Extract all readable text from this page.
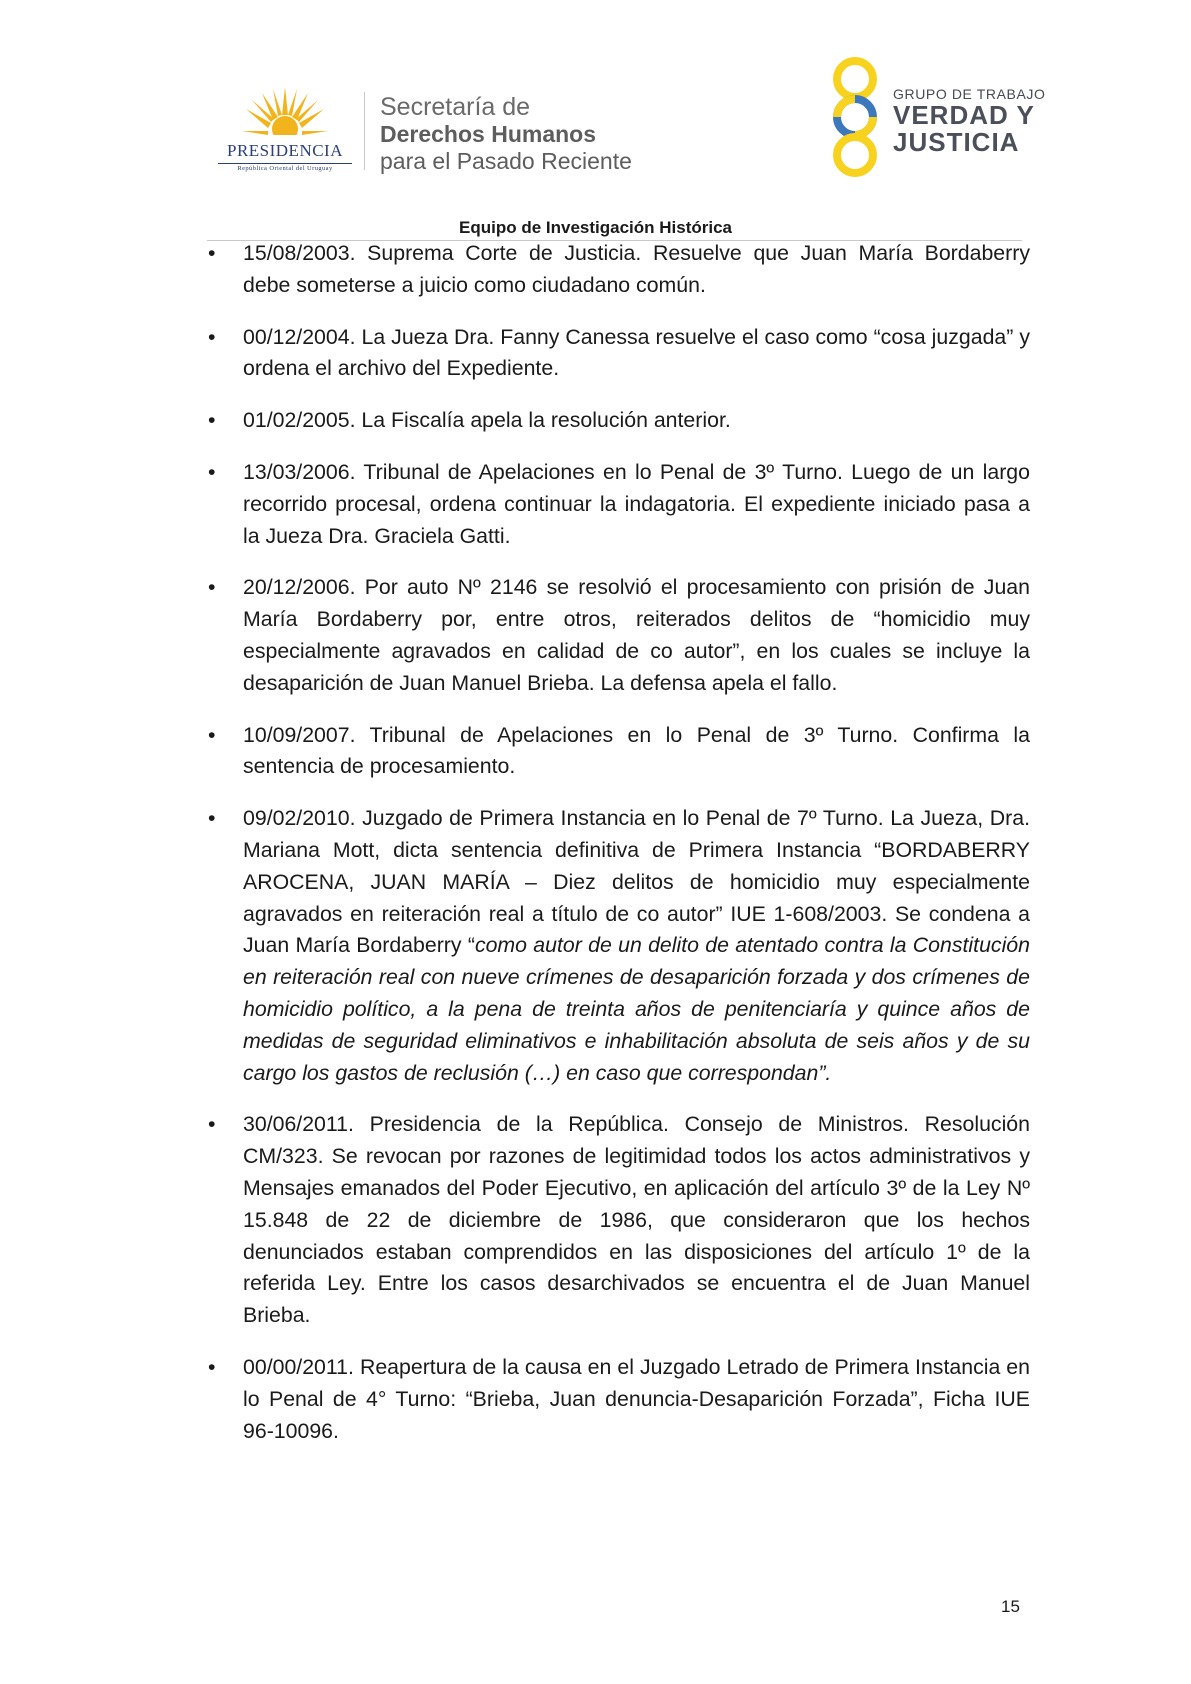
PRESIDENCIA
República Oriental del Uruguay
Secretaría de
Derechos Humanos
para el Pasado Reciente
GRUPO DE TRABAJO
VERDAD Y
JUSTICIA
Equipo de Investigación Histórica
• 15/08/2003. Suprema Corte de Justicia. Resuelve que Juan María Bordaberry debe someterse a juicio como ciudadano común.
• 00/12/2004. La Jueza Dra. Fanny Canessa resuelve el caso como “cosa juzgada” y ordena el archivo del Expediente.
• 01/02/2005. La Fiscalía apela la resolución anterior.
• 13/03/2006. Tribunal de Apelaciones en lo Penal de 3º Turno. Luego de un largo recorrido procesal, ordena continuar la indagatoria. El expediente iniciado pasa a la Jueza Dra. Graciela Gatti.
• 20/12/2006. Por auto Nº 2146 se resolvió el procesamiento con prisión de Juan María Bordaberry por, entre otros, reiterados delitos de “homicidio muy especialmente agravados en calidad de co autor”, en los cuales se incluye la desaparición de Juan Manuel Brieba. La defensa apela el fallo.
• 10/09/2007. Tribunal de Apelaciones en lo Penal de 3º Turno. Confirma la sentencia de procesamiento.
• 09/02/2010. Juzgado de Primera Instancia en lo Penal de 7º Turno. La Jueza, Dra. Mariana Mott, dicta sentencia definitiva de Primera Instancia “BORDABERRY AROCENA, JUAN MARÍA – Diez delitos de homicidio muy especialmente agravados en reiteración real a título de co autor” IUE 1-608/2003. Se condena a Juan María Bordaberry “como autor de un delito de atentado contra la Constitución en reiteración real con nueve crímenes de desaparición forzada y dos crímenes de homicidio político, a la pena de treinta años de penitenciaría y quince años de medidas de seguridad eliminativos e inhabilitación absoluta de seis años y de su cargo los gastos de reclusión (…) en caso que correspondan”.
• 30/06/2011. Presidencia de la República. Consejo de Ministros. Resolución CM/323. Se revocan por razones de legitimidad todos los actos administrativos y Mensajes emanados del Poder Ejecutivo, en aplicación del artículo 3º de la Ley Nº 15.848 de 22 de diciembre de 1986, que consideraron que los hechos denunciados estaban comprendidos en las disposiciones del artículo 1º de la referida Ley. Entre los casos desarchivados se encuentra el de Juan Manuel Brieba.
• 00/00/2011. Reapertura de la causa en el Juzgado Letrado de Primera Instancia en lo Penal de 4° Turno: “Brieba, Juan denuncia-Desaparición Forzada”, Ficha IUE 96-10096.
15
